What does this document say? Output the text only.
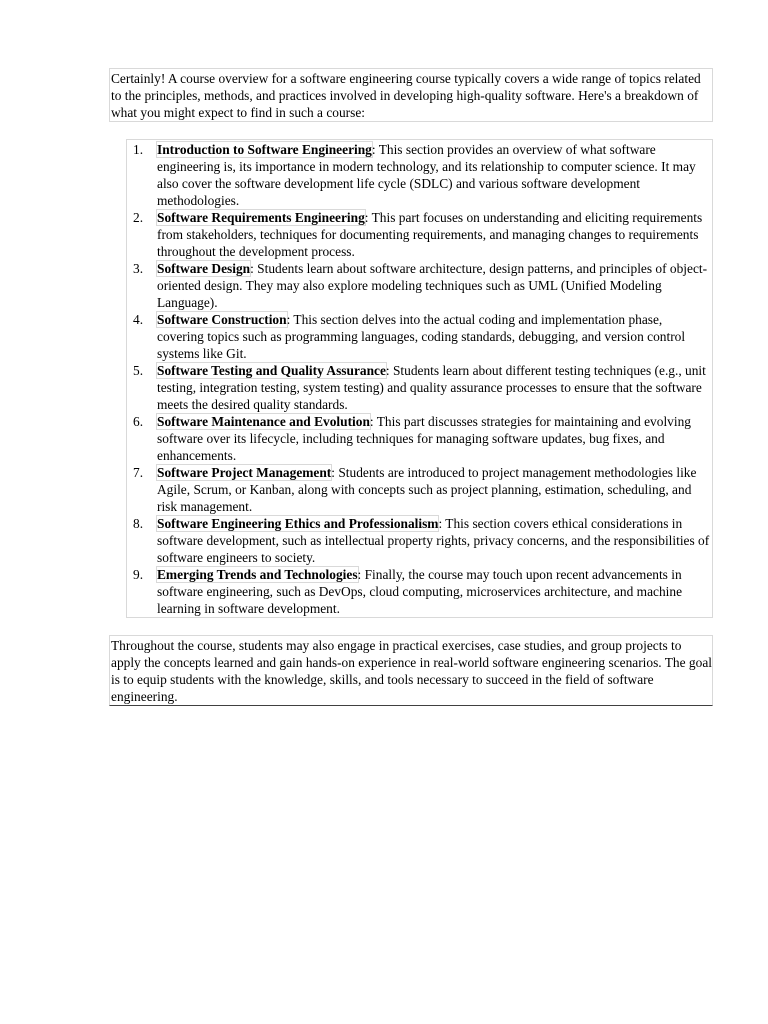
Certainly! A course overview for a software engineering course typically covers a wide range of topics related to the principles, methods, and practices involved in developing high-quality software. Here's a breakdown of what you might expect to find in such a course:
Introduction to Software Engineering: This section provides an overview of what software engineering is, its importance in modern technology, and its relationship to computer science. It may also cover the software development life cycle (SDLC) and various software development methodologies.
Software Requirements Engineering: This part focuses on understanding and eliciting requirements from stakeholders, techniques for documenting requirements, and managing changes to requirements throughout the development process.
Software Design: Students learn about software architecture, design patterns, and principles of object-oriented design. They may also explore modeling techniques such as UML (Unified Modeling Language).
Software Construction: This section delves into the actual coding and implementation phase, covering topics such as programming languages, coding standards, debugging, and version control systems like Git.
Software Testing and Quality Assurance: Students learn about different testing techniques (e.g., unit testing, integration testing, system testing) and quality assurance processes to ensure that the software meets the desired quality standards.
Software Maintenance and Evolution: This part discusses strategies for maintaining and evolving software over its lifecycle, including techniques for managing software updates, bug fixes, and enhancements.
Software Project Management: Students are introduced to project management methodologies like Agile, Scrum, or Kanban, along with concepts such as project planning, estimation, scheduling, and risk management.
Software Engineering Ethics and Professionalism: This section covers ethical considerations in software development, such as intellectual property rights, privacy concerns, and the responsibilities of software engineers to society.
Emerging Trends and Technologies: Finally, the course may touch upon recent advancements in software engineering, such as DevOps, cloud computing, microservices architecture, and machine learning in software development.
Throughout the course, students may also engage in practical exercises, case studies, and group projects to apply the concepts learned and gain hands-on experience in real-world software engineering scenarios. The goal is to equip students with the knowledge, skills, and tools necessary to succeed in the field of software engineering.
